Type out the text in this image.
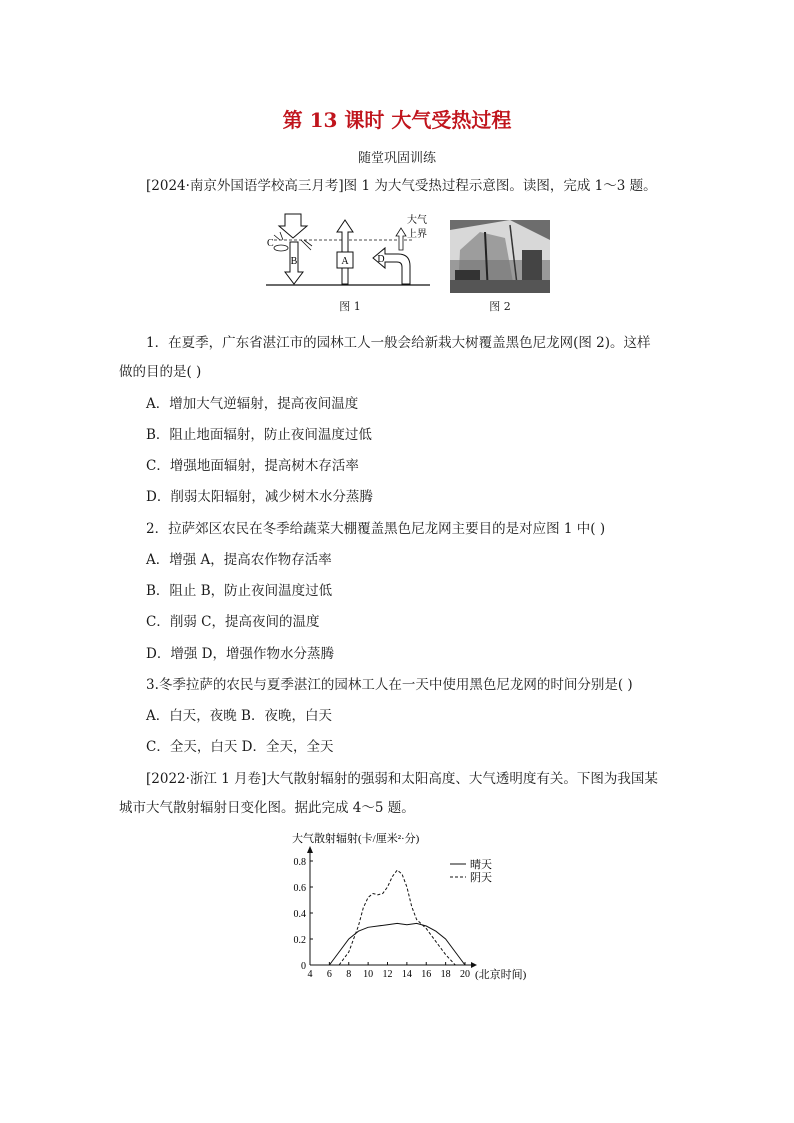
第 13 课时 大气受热过程
随堂巩固训练
[2024·南京外国语学校高三月考]图 1 为大气受热过程示意图。读图，完成 1～3 题。
B	A
C
D
大气
上界
图 1	图 2
1．在夏季，广东省湛江市的园林工人一般会给新栽大树覆盖黑色尼龙网(图 2)。这样
做的目的是( )
A．增加大气逆辐射，提高夜间温度
B．阻止地面辐射，防止夜间温度过低
C．增强地面辐射，提高树木存活率
D．削弱太阳辐射，减少树木水分蒸腾
2．拉萨郊区农民在冬季给蔬菜大棚覆盖黑色尼龙网主要目的是对应图 1 中( )
A．增强 A，提高农作物存活率
B．阻止 B，防止夜间温度过低
C．削弱 C，提高夜间的温度
D．增强 D，增强作物水分蒸腾
3.冬季拉萨的农民与夏季湛江的园林工人在一天中使用黑色尼龙网的时间分别是( )
A．白天，夜晚 B．夜晚，白天
C．全天，白天 D．全天，全天
[2022·浙江 1 月卷]大气散射辐射的强弱和太阳高度、大气透明度有关。下图为我国某
城市大气散射辐射日变化图。据此完成 4～5 题。
大气散射辐射(卡/厘米²·分)
0
0.2
0.4
0.6
0.8
4 6 8 10 12 14 16 18 20
晴天
阴天
(北京时间)
